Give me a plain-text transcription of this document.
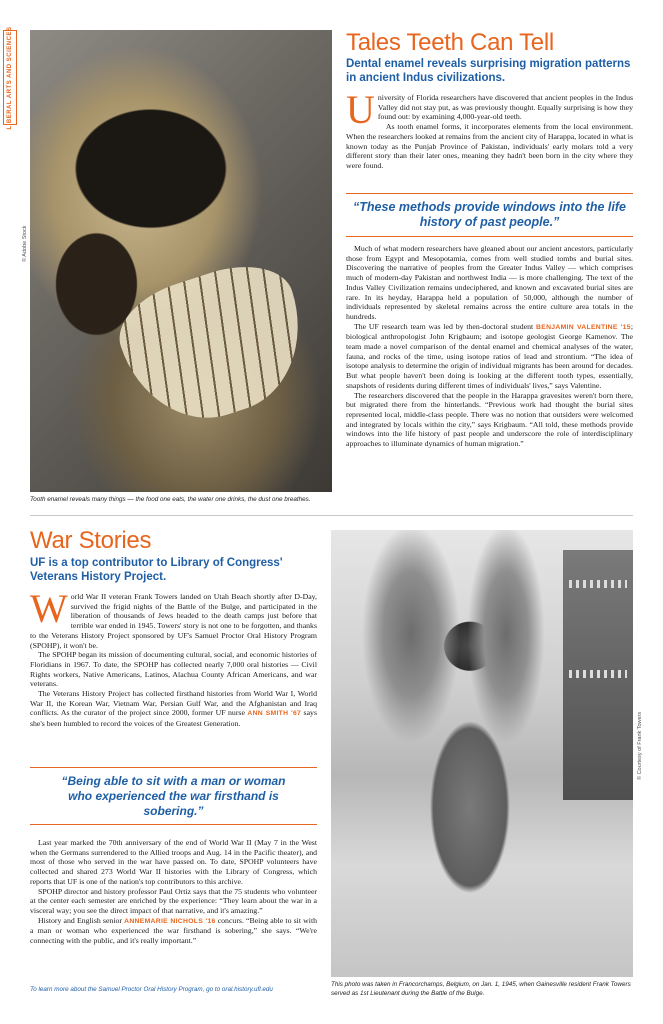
LIBERAL ARTS AND SCIENCES
© Adobe Stock
Tooth enamel reveals many things — the food one eats, the water one drinks, the dust one breathes.
Tales Teeth Can Tell
Dental enamel reveals surprising migration patterns in ancient Indus civilizations.

University of Florida researchers have discovered that ancient peoples in the Indus Valley did not stay put, as was previously thought. Equally surprising is how they found out: by examining 4,000-year-old teeth.

As tooth enamel forms, it incorporates elements from the local environment. When the researchers looked at remains from the ancient city of Harappa, located in what is known today as the Punjab Province of Pakistan, individuals' early molars told a very different story than their later ones, meaning they hadn't been born in the city where they were found.

“These methods provide windows into the life history of past people.”

Much of what modern researchers have gleaned about our ancient ancestors, particularly those from Egypt and Mesopotamia, comes from well studied tombs and burial sites. Discovering the narrative of peoples from the Greater Indus Valley — which comprises much of modern-day Pakistan and northwest India — is more challenging. The text of the Indus Valley Civilization remains undeciphered, and known and excavated burial sites are rare. In its heyday, Harappa held a population of 50,000, although the number of individuals represented by skeletal remains across the entire culture area totals in the hundreds.

The UF research team was led by then-doctoral student BENJAMIN VALENTINE '15; biological anthropologist John Krigbaum; and isotope geologist George Kamenov. The team made a novel comparison of the dental enamel and chemical analyses of the water, fauna, and rocks of the time, using isotope ratios of lead and strontium. “The idea of isotope analysis to determine the origin of individual migrants has been around for decades. But what people haven't been doing is looking at the different tooth types, essentially, snapshots of residents during different times of individuals' lives,” says Valentine.

The researchers discovered that the people in the Harappa gravesites weren't born there, but migrated there from the hinterlands. “Previous work had thought the burial sites represented local, middle-class people. There was no notion that outsiders were welcomed and integrated by locals within the city,” says Krigbaum. “All told, these methods provide windows into the life history of past people and underscore the role of interdisciplinary approaches to illuminate dynamics of human migration.”

War Stories
UF is a top contributor to Library of Congress' Veterans History Project.

World War II veteran Frank Towers landed on Utah Beach shortly after D-Day, survived the frigid nights of the Battle of the Bulge, and participated in the liberation of thousands of Jews headed to the death camps just before that terrible war ended in 1945. Towers' story is not one to be forgotten, and thanks to the Veterans History Project sponsored by UF's Samuel Proctor Oral History Program (SPOHP), it won't be.

The SPOHP began its mission of documenting cultural, social, and economic histories of Floridians in 1967. To date, the SPOHP has collected nearly 7,000 oral histories — Civil Rights workers, Native Americans, Latinos, Alachua County African Americans, and war veterans.

The Veterans History Project has collected firsthand histories from World War I, World War II, the Korean War, Vietnam War, Persian Gulf War, and the Afghanistan and Iraq conflicts. As the curator of the project since 2000, former UF nurse ANN SMITH '67 says she's been humbled to record the voices of the Greatest Generation.

“Being able to sit with a man or woman who experienced the war firsthand is sobering.”

Last year marked the 70th anniversary of the end of World War II (May 7 in the West when the Germans surrendered to the Allied troops and Aug. 14 in the Pacific theater), and most of those who served in the war have passed on. To date, SPOHP volunteers have collected and shared 273 World War II histories with the Library of Congress, which reports that UF is one of the nation's top contributors to this archive.

SPOHP director and history professor Paul Ortiz says that the 75 students who volunteer at the center each semester are enriched by the experience: “They learn about the war in a visceral way; you see the direct impact of that narrative, and it's amazing.”

History and English senior ANNEMARIE NICHOLS '16 concurs. “Being able to sit with a man or woman who experienced the war firsthand is sobering,” she says. “We're connecting with the public, and it's really important.”

To learn more about the Samuel Proctor Oral History Program, go to oral.history.ufl.edu
© Courtesy of Frank Towers
This photo was taken in Francorchamps, Belgium, on Jan. 1, 1945, when Gainesville resident Frank Towers served as 1st Lieutenant during the Battle of the Bulge.
